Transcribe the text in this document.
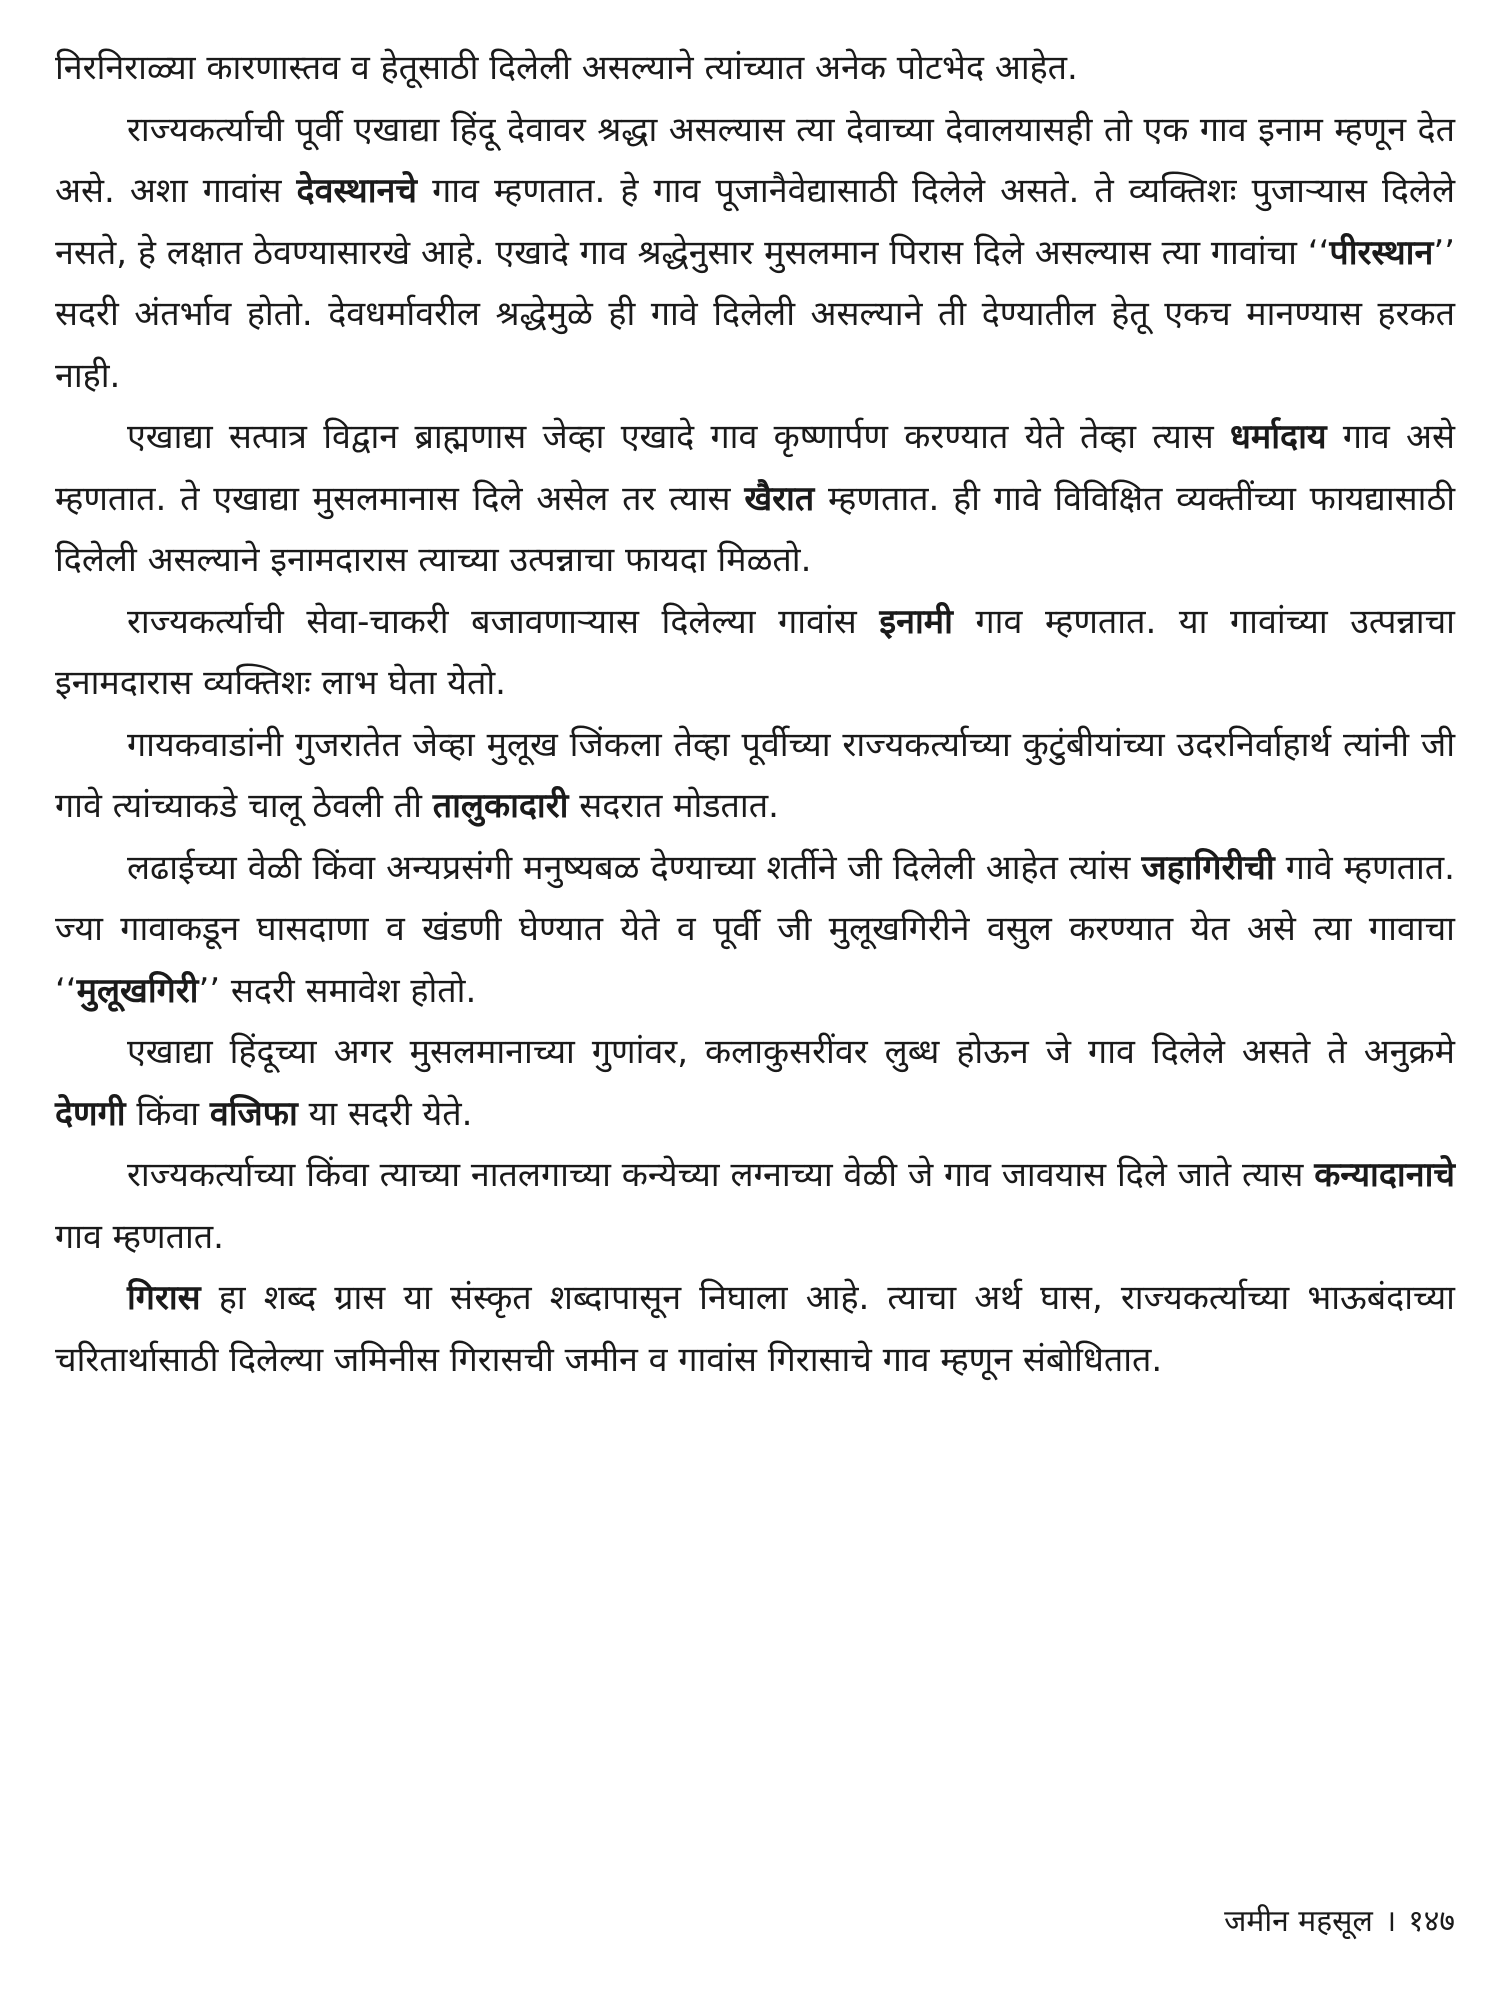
निरनिराळ्या कारणास्तव व हेतूसाठी दिलेली असल्याने त्यांच्यात अनेक पोटभेद आहेत.

राज्यकर्त्याची पूर्वी एखाद्या हिंदू देवावर श्रद्धा असल्यास त्या देवाच्या देवालयासही तो एक गाव इनाम म्हणून देत असे. अशा गावांस देवस्थानचे गाव म्हणतात. हे गाव पूजानैवेद्यासाठी दिलेले असते. ते व्यक्तिशः पुजाऱ्यास दिलेले नसते, हे लक्षात ठेवण्यासारखे आहे. एखादे गाव श्रद्धेनुसार मुसलमान पिरास दिले असल्यास त्या गावांचा ‘‘पीरस्थान’’ सदरी अंतर्भाव होतो. देवधर्मावरील श्रद्धेमुळे ही गावे दिलेली असल्याने ती देण्यातील हेतू एकच मानण्यास हरकत नाही.

एखाद्या सत्पात्र विद्वान ब्राह्मणास जेव्हा एखादे गाव कृष्णार्पण करण्यात येते तेव्हा त्यास धर्मादाय गाव असे म्हणतात. ते एखाद्या मुसलमानास दिले असेल तर त्यास खैरात म्हणतात. ही गावे विविक्षित व्यक्तींच्या फायद्यासाठी दिलेली असल्याने इनामदारास त्याच्या उत्पन्नाचा फायदा मिळतो.

राज्यकर्त्याची सेवा-चाकरी बजावणाऱ्यास दिलेल्या गावांस इनामी गाव म्हणतात. या गावांच्या उत्पन्नाचा इनामदारास व्यक्तिशः लाभ घेता येतो.

गायकवाडांनी गुजरातेत जेव्हा मुलूख जिंकला तेव्हा पूर्वीच्या राज्यकर्त्याच्या कुटुंबीयांच्या उदरनिर्वाहार्थ त्यांनी जी गावे त्यांच्याकडे चालू ठेवली ती तालुकादारी सदरात मोडतात.

लढाईच्या वेळी किंवा अन्यप्रसंगी मनुष्यबळ देण्याच्या शर्तीने जी दिलेली आहेत त्यांस जहागिरीची गावे म्हणतात. ज्या गावाकडून घासदाणा व खंडणी घेण्यात येते व पूर्वी जी मुलूखगिरीने वसुल करण्यात येत असे त्या गावाचा ‘‘मुलूखगिरी’’ सदरी समावेश होतो.

एखाद्या हिंदूच्या अगर मुसलमानाच्या गुणांवर, कलाकुसरींवर लुब्ध होऊन जे गाव दिलेले असते ते अनुक्रमे देणगी किंवा वजिफा या सदरी येते.

राज्यकर्त्याच्या किंवा त्याच्या नातलगाच्या कन्येच्या लग्नाच्या वेळी जे गाव जावयास दिले जाते त्यास कन्यादानाचे गाव म्हणतात.

गिरास हा शब्द ग्रास या संस्कृत शब्दापासून निघाला आहे. त्याचा अर्थ घास, राज्यकर्त्याच्या भाऊबंदाच्या चरितार्थासाठी दिलेल्या जमिनीस गिरासची जमीन व गावांस गिरासाचे गाव म्हणून संबोधितात.

जमीन महसूल । १४७
